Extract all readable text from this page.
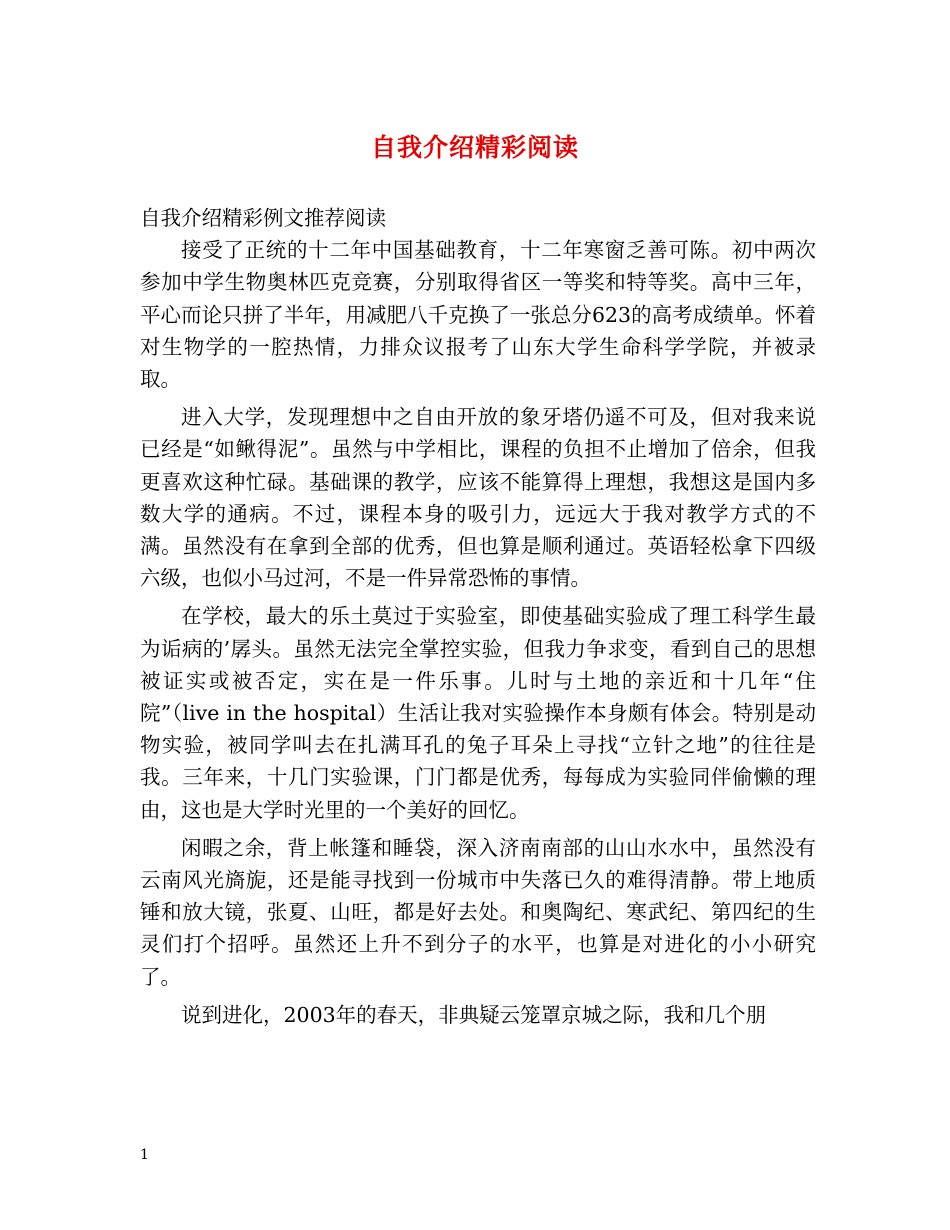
自我介绍精彩阅读

自我介绍精彩例文推荐阅读

接受了正统的十二年中国基础教育，十二年寒窗乏善可陈。初中两次参加中学生物奥林匹克竞赛，分别取得省区一等奖和特等奖。高中三年，平心而论只拼了半年，用减肥八千克换了一张总分623的高考成绩单。怀着对生物学的一腔热情，力排众议报考了山东大学生命科学学院，并被录取。

进入大学，发现理想中之自由开放的象牙塔仍遥不可及，但对我来说已经是“如鳅得泥”。虽然与中学相比，课程的负担不止增加了倍余，但我更喜欢这种忙碌。基础课的教学，应该不能算得上理想，我想这是国内多数大学的通病。不过，课程本身的吸引力，远远大于我对教学方式的不满。虽然没有在拿到全部的优秀，但也算是顺利通过。英语轻松拿下四级六级，也似小马过河，不是一件异常恐怖的事情。

在学校，最大的乐土莫过于实验室，即使基础实验成了理工科学生最为诟病的’孱头。虽然无法完全掌控实验，但我力争求变，看到自己的思想被证实或被否定，实在是一件乐事。儿时与土地的亲近和十几年“住院”（live in the hospital）生活让我对实验操作本身颇有体会。特别是动物实验，被同学叫去在扎满耳孔的兔子耳朵上寻找“立针之地”的往往是我。三年来，十几门实验课，门门都是优秀，每每成为实验同伴偷懒的理由，这也是大学时光里的一个美好的回忆。

闲暇之余，背上帐篷和睡袋，深入济南南部的山山水水中，虽然没有云南风光旖旎，还是能寻找到一份城市中失落已久的难得清静。带上地质锤和放大镜，张夏、山旺，都是好去处。和奥陶纪、寒武纪、第四纪的生灵们打个招呼。虽然还上升不到分子的水平，也算是对进化的小小研究了。

说到进化，2003年的春天，非典疑云笼罩京城之际，我和几个朋

1
